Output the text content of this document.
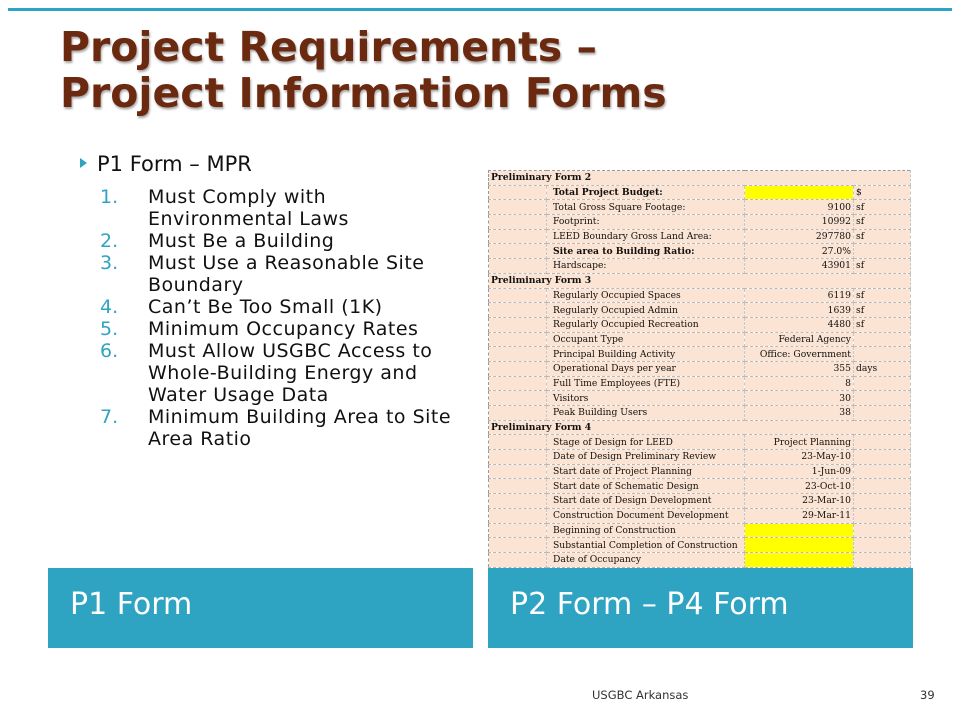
Project Requirements –
Project Information Forms
P1 Form – MPR
1. Must Comply with Environmental Laws
2. Must Be a Building
3. Must Use a Reasonable Site Boundary
4. Can’t Be Too Small (1K)
5. Minimum Occupancy Rates
6. Must Allow USGBC Access to Whole-Building Energy and Water Usage Data
7. Minimum Building Area to Site Area Ratio
Preliminary Form 2			
	Total Project Budget:		$
	Total Gross Square Footage:	9100	sf
	Footprint:	10992	sf
	LEED Boundary Gross Land Area:	297780	sf
	Site area to Building Ratio:	27.0%	
	Hardscape:	43901	sf
Preliminary Form 3			
	Regularly Occupied Spaces	6119	sf
	Regularly Occupied Admin	1639	sf
	Regularly Occupied Recreation	4480	sf
	Occupant Type	Federal Agency	
	Principal Building Activity	Office: Government	
	Operational Days per year	355	days
	Full Time Employees (FTE)	8	
	Visitors	30	
	Peak Building Users	38	
Preliminary Form 4			
	Stage of Design for LEED	Project Planning	
	Date of Design Preliminary Review	23-May-10	
	Start date of Project Planning	1-Jun-09	
	Start date of Schematic Design	23-Oct-10	
	Start date of Design Development	23-Mar-10	
	Construction Document Development	29-Mar-11	
	Beginning of Construction		
	Substantial Completion of Construction		
	Date of Occupancy		
P1 Form	P2 Form – P4 Form
USGBC Arkansas	39
